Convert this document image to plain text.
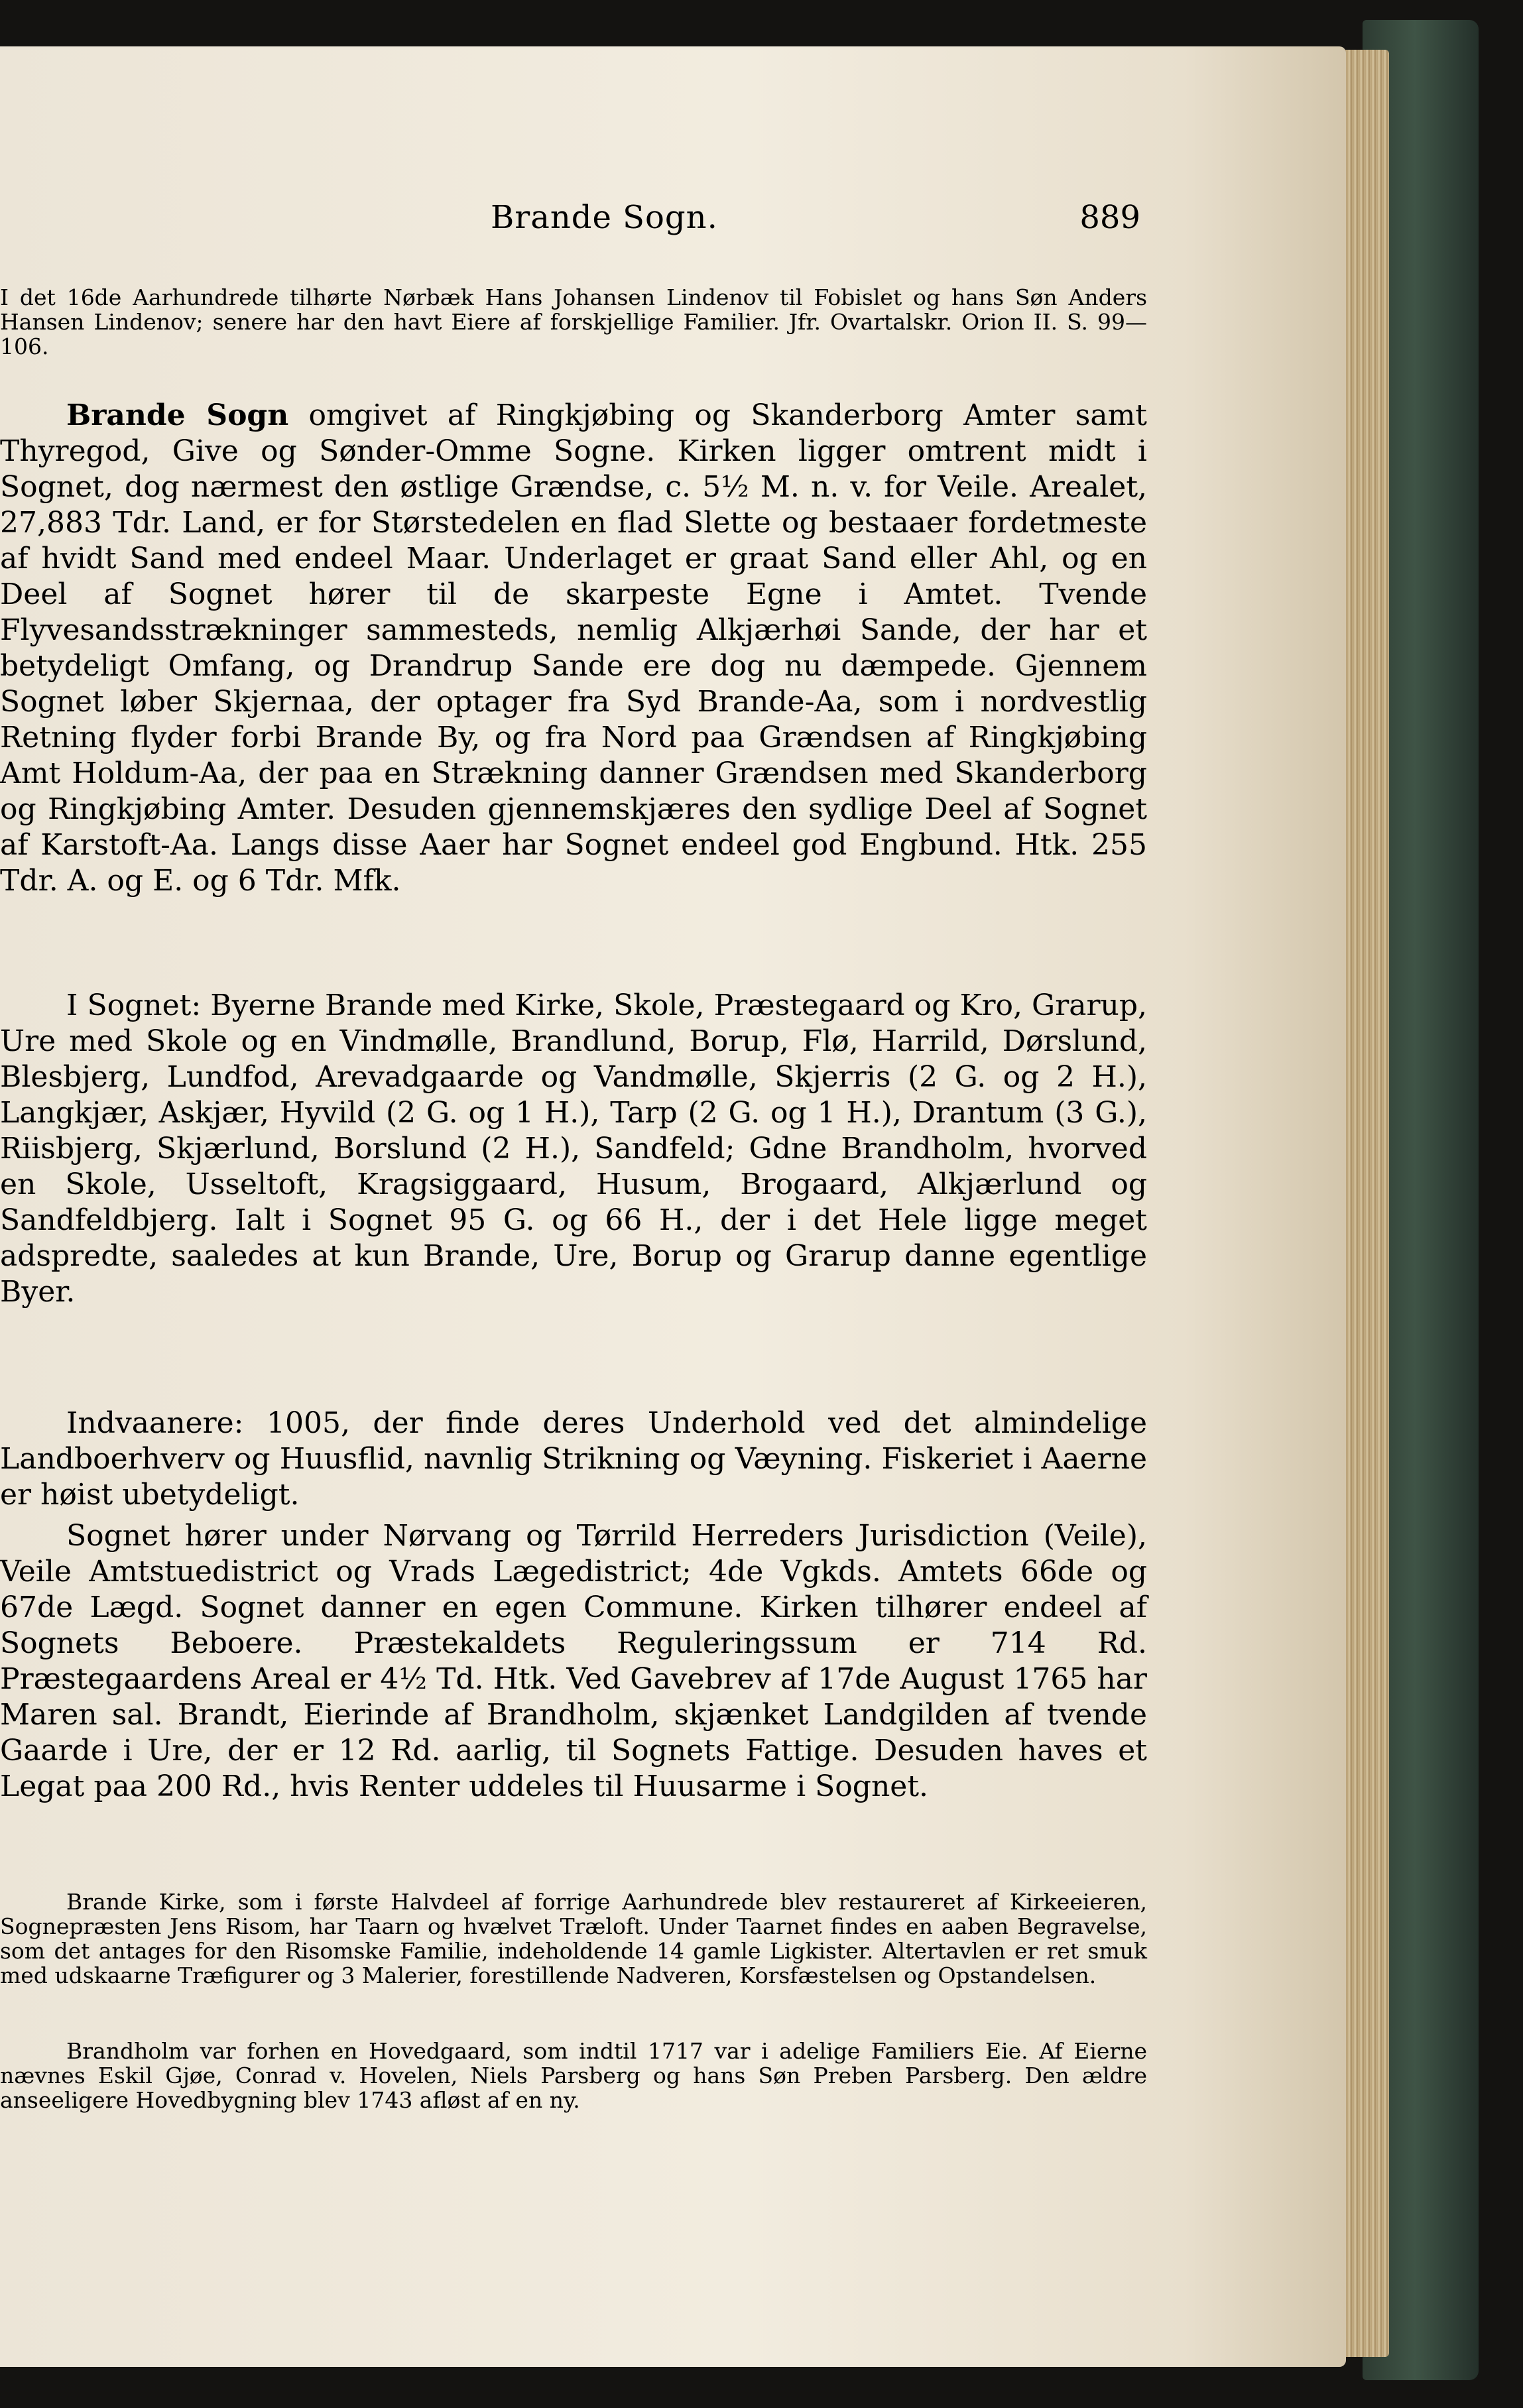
Brande Sogn.	889

I det 16de Aarhundrede tilhørte Nørbæk Hans Johansen Lindenov til Fobislet og hans Søn Anders Hansen Lindenov; senere har den havt Eiere af forskjellige Familier. Jfr. Ovartalskr. Orion II. S. 99—106.

Brande Sogn omgivet af Ringkjøbing og Skanderborg Amter samt Thyregod, Give og Sønder-Omme Sogne. Kirken ligger omtrent midt i Sognet, dog nærmest den østlige Grændse, c. 5½ M. n. v. for Veile. Arealet, 27,883 Tdr. Land, er for Størstedelen en flad Slette og bestaaer fordetmeste af hvidt Sand med endeel Maar. Underlaget er graat Sand eller Ahl, og en Deel af Sognet hører til de skarpeste Egne i Amtet. Tvende Flyvesandsstrækninger sammesteds, nemlig Alkjærhøi Sande, der har et betydeligt Omfang, og Drandrup Sande ere dog nu dæmpede. Gjennem Sognet løber Skjernaa, der optager fra Syd Brande-Aa, som i nordvestlig Retning flyder forbi Brande By, og fra Nord paa Grændsen af Ringkjøbing Amt Holdum-Aa, der paa en Strækning danner Grændsen med Skanderborg og Ringkjøbing Amter. Desuden gjennemskjæres den sydlige Deel af Sognet af Karstoft-Aa. Langs disse Aaer har Sognet endeel god Engbund. Htk. 255 Tdr. A. og E. og 6 Tdr. Mfk.

I Sognet: Byerne Brande med Kirke, Skole, Præstegaard og Kro, Grarup, Ure med Skole og en Vindmølle, Brandlund, Borup, Flø, Harrild, Dørslund, Blesbjerg, Lundfod, Arevadgaarde og Vandmølle, Skjerris (2 G. og 2 H.), Langkjær, Askjær, Hyvild (2 G. og 1 H.), Tarp (2 G. og 1 H.), Drantum (3 G.), Riisbjerg, Skjærlund, Borslund (2 H.), Sandfeld; Gdne Brandholm, hvorved en Skole, Usseltoft, Kragsiggaard, Husum, Brogaard, Alkjærlund og Sandfeldbjerg. Ialt i Sognet 95 G. og 66 H., der i det Hele ligge meget adspredte, saaledes at kun Brande, Ure, Borup og Grarup danne egentlige Byer.

Indvaanere: 1005, der finde deres Underhold ved det almindelige Landboerhverv og Huusflid, navnlig Strikning og Væyning. Fiskeriet i Aaerne er høist ubetydeligt.

Sognet hører under Nørvang og Tørrild Herreders Jurisdiction (Veile), Veile Amtstuedistrict og Vrads Lægedistrict; 4de Vgkds. Amtets 66de og 67de Lægd. Sognet danner en egen Commune. Kirken tilhører endeel af Sognets Beboere. Præstekaldets Reguleringssum er 714 Rd. Præstegaardens Areal er 4½ Td. Htk. Ved Gavebrev af 17de August 1765 har Maren sal. Brandt, Eierinde af Brandholm, skjænket Landgilden af tvende Gaarde i Ure, der er 12 Rd. aarlig, til Sognets Fattige. Desuden haves et Legat paa 200 Rd., hvis Renter uddeles til Huusarme i Sognet.

Brande Kirke, som i første Halvdeel af forrige Aarhundrede blev restaureret af Kirkeeieren, Sognepræsten Jens Risom, har Taarn og hvælvet Træloft. Under Taarnet findes en aaben Begravelse, som det antages for den Risomske Familie, indeholdende 14 gamle Ligkister. Altertavlen er ret smuk med udskaarne Træfigurer og 3 Malerier, forestillende Nadveren, Korsfæstelsen og Opstandelsen.

Brandholm var forhen en Hovedgaard, som indtil 1717 var i adelige Familiers Eie. Af Eierne nævnes Eskil Gjøe, Conrad v. Hovelen, Niels Parsberg og hans Søn Preben Parsberg. Den ældre anseeligere Hovedbygning blev 1743 afløst af en ny.
